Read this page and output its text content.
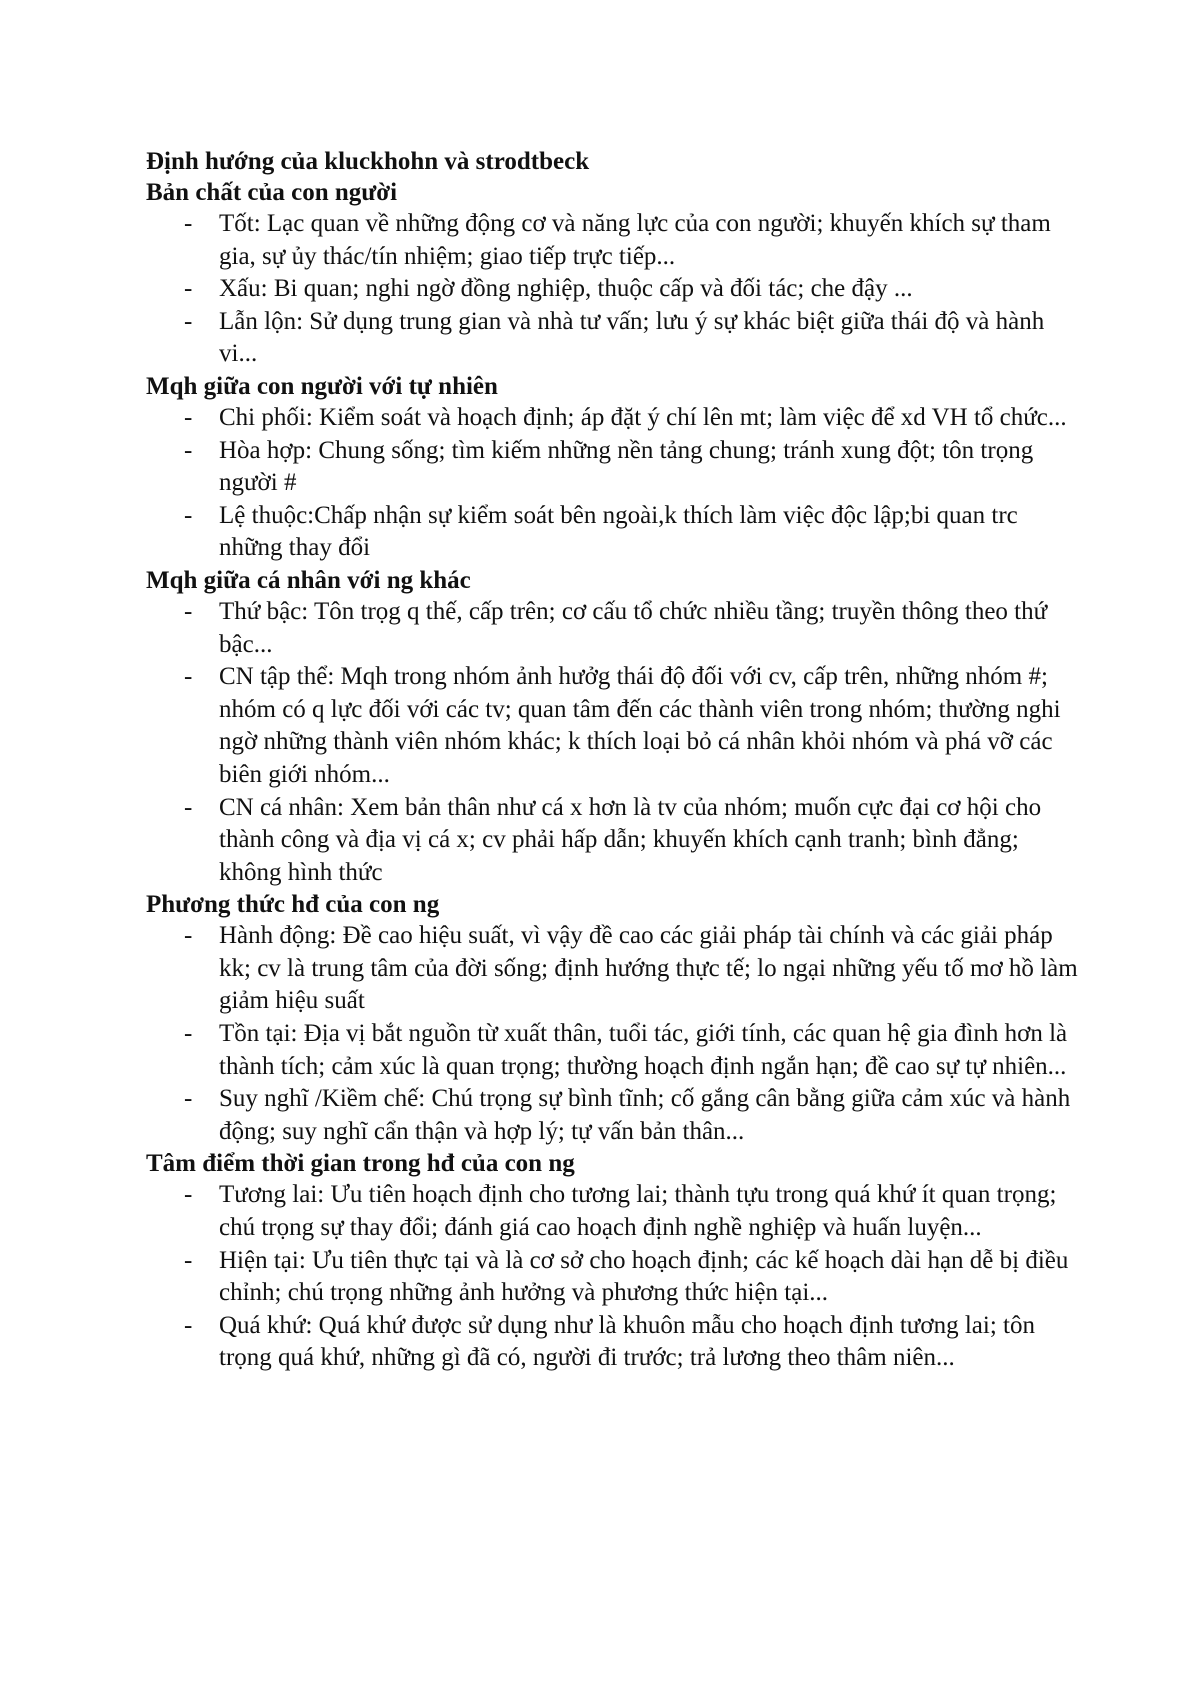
Định hướng của kluckhohn và strodtbeck

Bản chất của con người

- Tốt: Lạc quan về những động cơ và năng lực của con người; khuyến khích sự tham gia, sự ủy thác/tín nhiệm; giao tiếp trực tiếp...
- Xấu: Bi quan; nghi ngờ đồng nghiệp, thuộc cấp và đối tác; che đậy ...
- Lẫn lộn: Sử dụng trung gian và nhà tư vấn; lưu ý sự khác biệt giữa thái độ và hành vi...

Mqh giữa con người với tự nhiên

- Chi phối: Kiểm soát và hoạch định; áp đặt ý chí lên mt; làm việc để xd VH tổ chức...
- Hòa hợp: Chung sống; tìm kiếm những nền tảng chung; tránh xung đột; tôn trọng người #
- Lệ thuộc:Chấp nhận sự kiểm soát bên ngoài,k thích làm việc độc lập;bi quan trc những thay đổi

Mqh giữa cá nhân với ng khác

- Thứ bậc: Tôn trọg q thế, cấp trên; cơ cấu tổ chức nhiều tầng; truyền thông theo thứ bậc...
- CN tập thể: Mqh trong nhóm ảnh hưởg thái độ đối với cv, cấp trên, những nhóm #; nhóm có q lực đối với các tv; quan tâm đến các thành viên trong nhóm; thường nghi ngờ những thành viên nhóm khác; k thích loại bỏ cá nhân khỏi nhóm và phá vỡ các biên giới nhóm...
- CN cá nhân: Xem bản thân như cá x hơn là tv của nhóm; muốn cực đại cơ hội cho thành công và địa vị cá x; cv phải hấp dẫn; khuyến khích cạnh tranh; bình đẳng; không hình thức

Phương thức hđ của con ng

- Hành động: Đề cao hiệu suất, vì vậy đề cao các giải pháp tài chính và các giải pháp kk; cv là trung tâm của đời sống; định hướng thực tế; lo ngại những yếu tố mơ hồ làm giảm hiệu suất
- Tồn tại: Địa vị bắt nguồn từ xuất thân, tuổi tác, giới tính, các quan hệ gia đình hơn là thành tích; cảm xúc là quan trọng; thường hoạch định ngắn hạn; đề cao sự tự nhiên...
- Suy nghĩ /Kiềm chế: Chú trọng sự bình tĩnh; cố gắng cân bằng giữa cảm xúc và hành động; suy nghĩ cẩn thận và hợp lý; tự vấn bản thân...

Tâm điểm thời gian trong hđ của con ng

- Tương lai: Ưu tiên hoạch định cho tương lai; thành tựu trong quá khứ ít quan trọng; chú trọng sự thay đổi; đánh giá cao hoạch định nghề nghiệp và huấn luyện...
- Hiện tại: Ưu tiên thực tại và là cơ sở cho hoạch định; các kế hoạch dài hạn dễ bị điều chỉnh; chú trọng những ảnh hưởng và phương thức hiện tại...
- Quá khứ: Quá khứ được sử dụng như là khuôn mẫu cho hoạch định tương lai; tôn trọng quá khứ, những gì đã có, người đi trước; trả lương theo thâm niên...
